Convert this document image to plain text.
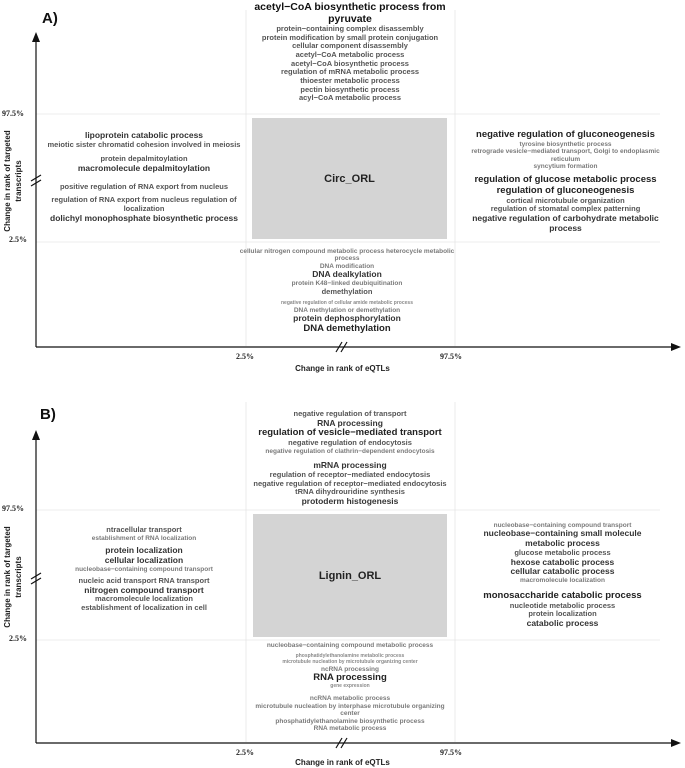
A)
Circ_ORL
97.5%
2.5%
2.5%	97.5%
Change in rank of eQTLs
Change in rank of targeted transcripts
acetyl−CoA biosynthetic process from pyruvate
protein−containing complex disassembly
protein modification by small protein conjugation cellular component disassembly
acetyl−CoA metabolic process
acetyl−CoA biosynthetic process
regulation of mRNA metabolic process
thioester metabolic process
pectin biosynthetic process
acyl−CoA metabolic process
lipoprotein catabolic process
meiotic sister chromatid cohesion involved in meiosis
protein depalmitoylation
macromolecule depalmitoylation
positive regulation of RNA export from nucleus
regulation of RNA export from nucleus regulation of localization
dolichyl monophosphate biosynthetic process
negative regulation of gluconeogenesis
tyrosine biosynthetic process
retrograde vesicle−mediated transport, Golgi to endoplasmic reticulum
syncytium formation
regulation of glucose metabolic process
regulation of gluconeogenesis
cortical microtubule organization
regulation of stomatal complex patterning
negative regulation of carbohydrate metabolic process
cellular nitrogen compound metabolic process heterocycle metabolic process
DNA modification
DNA dealkylation
protein K48−linked deubiquitination
demethylation
negative regulation of cellular amide metabolic process
DNA methylation or demethylation
protein dephosphorylation
DNA demethylation
B)
Lignin_ORL
97.5%
2.5%
2.5%	97.5%
Change in rank of eQTLs
Change in rank of targeted transcripts
negative regulation of transport
RNA processing
regulation of vesicle−mediated transport
negative regulation of endocytosis
negative regulation of clathrin−dependent endocytosis
mRNA processing
regulation of receptor−mediated endocytosis
negative regulation of receptor−mediated endocytosis
tRNA dihydrouridine synthesis
protoderm histogenesis
ntracellular transport
establishment of RNA localization
protein localization
cellular localization
nucleobase−containing compound transport
nucleic acid transport RNA transport
nitrogen compound transport
macromolecule localization
establishment of localization in cell
nucleobase−containing compound transport
nucleobase−containing small molecule metabolic process
glucose metabolic process
hexose catabolic process
cellular catabolic process
macromolecule localization
monosaccharide catabolic process
nucleotide metabolic process
protein localization
catabolic process
nucleobase−containing compound metabolic process
phosphatidylethanolamine metabolic process
microtubule nucleation by microtubule organizing center
ncRNA processing
RNA processing
gene expression
ncRNA metabolic process
microtubule nucleation by interphase microtubule organizing center
phosphatidylethanolamine biosynthetic process
RNA metabolic process
